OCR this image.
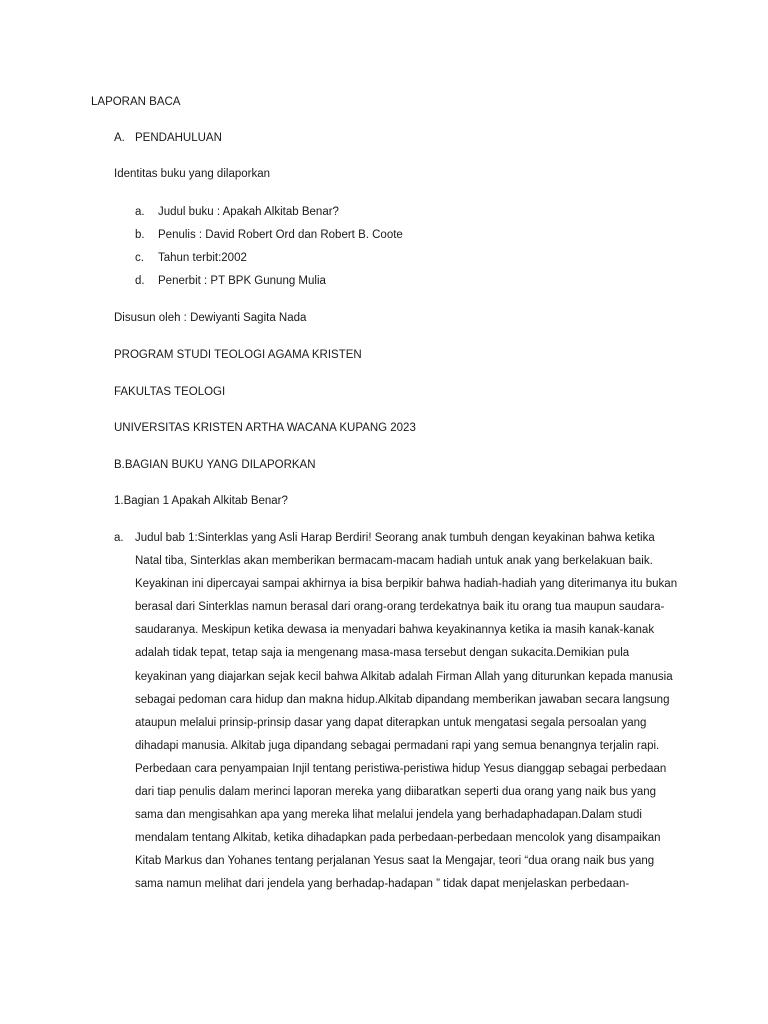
LAPORAN BACA
A. PENDAHULUAN
Identitas buku yang dilaporkan
a. Judul buku : Apakah Alkitab Benar?
b. Penulis : David Robert Ord dan Robert B. Coote
c. Tahun terbit:2002
d. Penerbit : PT BPK Gunung Mulia
Disusun oleh : Dewiyanti Sagita Nada
PROGRAM STUDI TEOLOGI AGAMA KRISTEN
FAKULTAS TEOLOGI
UNIVERSITAS KRISTEN ARTHA WACANA KUPANG 2023
B.BAGIAN BUKU YANG DILAPORKAN
1.Bagian 1 Apakah Alkitab Benar?
a. Judul bab 1:Sinterklas yang Asli Harap Berdiri! Seorang anak tumbuh dengan keyakinan bahwa ketika
Natal tiba, Sinterklas akan memberikan bermacam-macam hadiah untuk anak yang berkelakuan baik.
Keyakinan ini dipercayai sampai akhirnya ia bisa berpikir bahwa hadiah-hadiah yang diterimanya itu bukan
berasal dari Sinterklas namun berasal dari orang-orang terdekatnya baik itu orang tua maupun saudara-
saudaranya. Meskipun ketika dewasa ia menyadari bahwa keyakinannya ketika ia masih kanak-kanak
adalah tidak tepat, tetap saja ia mengenang masa-masa tersebut dengan sukacita.Demikian pula
keyakinan yang diajarkan sejak kecil bahwa Alkitab adalah Firman Allah yang diturunkan kepada manusia
sebagai pedoman cara hidup dan makna hidup.Alkitab dipandang memberikan jawaban secara langsung
ataupun melalui prinsip-prinsip dasar yang dapat diterapkan untuk mengatasi segala persoalan yang
dihadapi manusia. Alkitab juga dipandang sebagai permadani rapi yang semua benangnya terjalin rapi.
Perbedaan cara penyampaian Injil tentang peristiwa-peristiwa hidup Yesus dianggap sebagai perbedaan
dari tiap penulis dalam merinci laporan mereka yang diibaratkan seperti dua orang yang naik bus yang
sama dan mengisahkan apa yang mereka lihat melalui jendela yang berhadaphadapan.Dalam studi
mendalam tentang Alkitab, ketika dihadapkan pada perbedaan-perbedaan mencolok yang disampaikan
Kitab Markus dan Yohanes tentang perjalanan Yesus saat Ia Mengajar, teori “dua orang naik bus yang
sama namun melihat dari jendela yang berhadap-hadapan ” tidak dapat menjelaskan perbedaan-
